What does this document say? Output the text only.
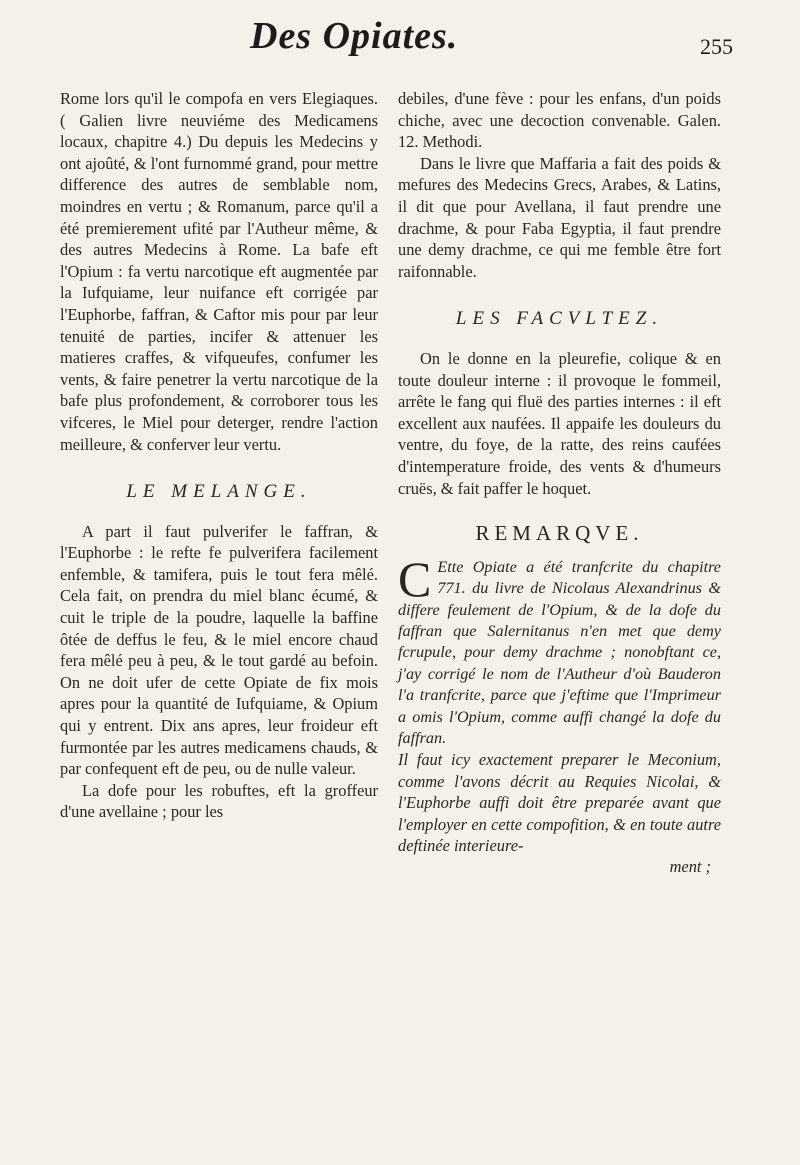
Des Opiates.	255

Rome lors qu'il le compofa en vers Elegiaques. ( Galien livre neuviéme des Medicamens locaux, chapitre 4.) Du depuis les Medecins y ont ajoûté, & l'ont furnommé grand, pour mettre difference des autres de semblable nom, moindres en vertu ; & Romanum, parce qu'il a été premierement ufité par l'Autheur même, & des autres Medecins à Rome. La bafe eft l'Opium : fa vertu narcotique eft augmentée par la Iufquiame, leur nuifance eft corrigée par l'Euphorbe, faffran, & Caftor mis pour par leur tenuité de parties, incifer & attenuer les matieres craffes, & vifqueufes, confumer les vents, & faire penetrer la vertu narcotique de la bafe plus profondement, & corroborer tous les vifceres, le Miel pour deterger, rendre l'action meilleure, & conferver leur vertu.

LE MELANGE.

A part il faut pulverifer le faffran, & l'Euphorbe : le refte fe pulverifera facilement enfemble, & tamifera, puis le tout fera mêlé. Cela fait, on prendra du miel blanc écumé, & cuit le triple de la poudre, laquelle la baffine ôtée de deffus le feu, & le miel encore chaud fera mêlé peu à peu, & le tout gardé au befoin. On ne doit ufer de cette Opiate de fix mois apres pour la quantité de Iufquiame, & Opium qui y entrent. Dix ans apres, leur froideur eft furmontée par les autres medicamens chauds, & par confequent eft de peu, ou de nulle valeur.

La dofe pour les robuftes, eft la groffeur d'une avellaine ; pour les

debiles, d'une fève : pour les enfans, d'un poids chiche, avec une decoction convenable. Galen. 12. Methodi.

Dans le livre que Maffaria a fait des poids & mefures des Medecins Grecs, Arabes, & Latins, il dit que pour Avellana, il faut prendre une drachme, & pour Faba Egyptia, il faut prendre une demy drachme, ce qui me femble être fort raifonnable.

LES FACVLTEZ.

On le donne en la pleurefie, colique & en toute douleur interne : il provoque le fommeil, arrête le fang qui fluë des parties internes : il eft excellent aux naufées. Il appaife les douleurs du ventre, du foye, de la ratte, des reins caufées d'intemperature froide, des vents & d'humeurs cruës, & fait paffer le hoquet.

REMARQVE.

C Ette Opiate a été tranfcrite du chapitre 771. du livre de Nicolaus Alexandrinus & differe feulement de l'Opium, & de la dofe du faffran que Salernitanus n'en met que demy fcrupule, pour demy drachme ; nonobftant ce, j'ay corrigé le nom de l'Autheur d'où Bauderon l'a tranfcrite, parce que j'eftime que l'Imprimeur a omis l'Opium, comme auffi changé la dofe du faffran.

Il faut icy exactement preparer le Meconium, comme l'avons décrit au Requies Nicolai, & l'Euphorbe auffi doit être preparée avant que l'employer en cette compofition, & en toute autre deftinée interieure-

ment ;
